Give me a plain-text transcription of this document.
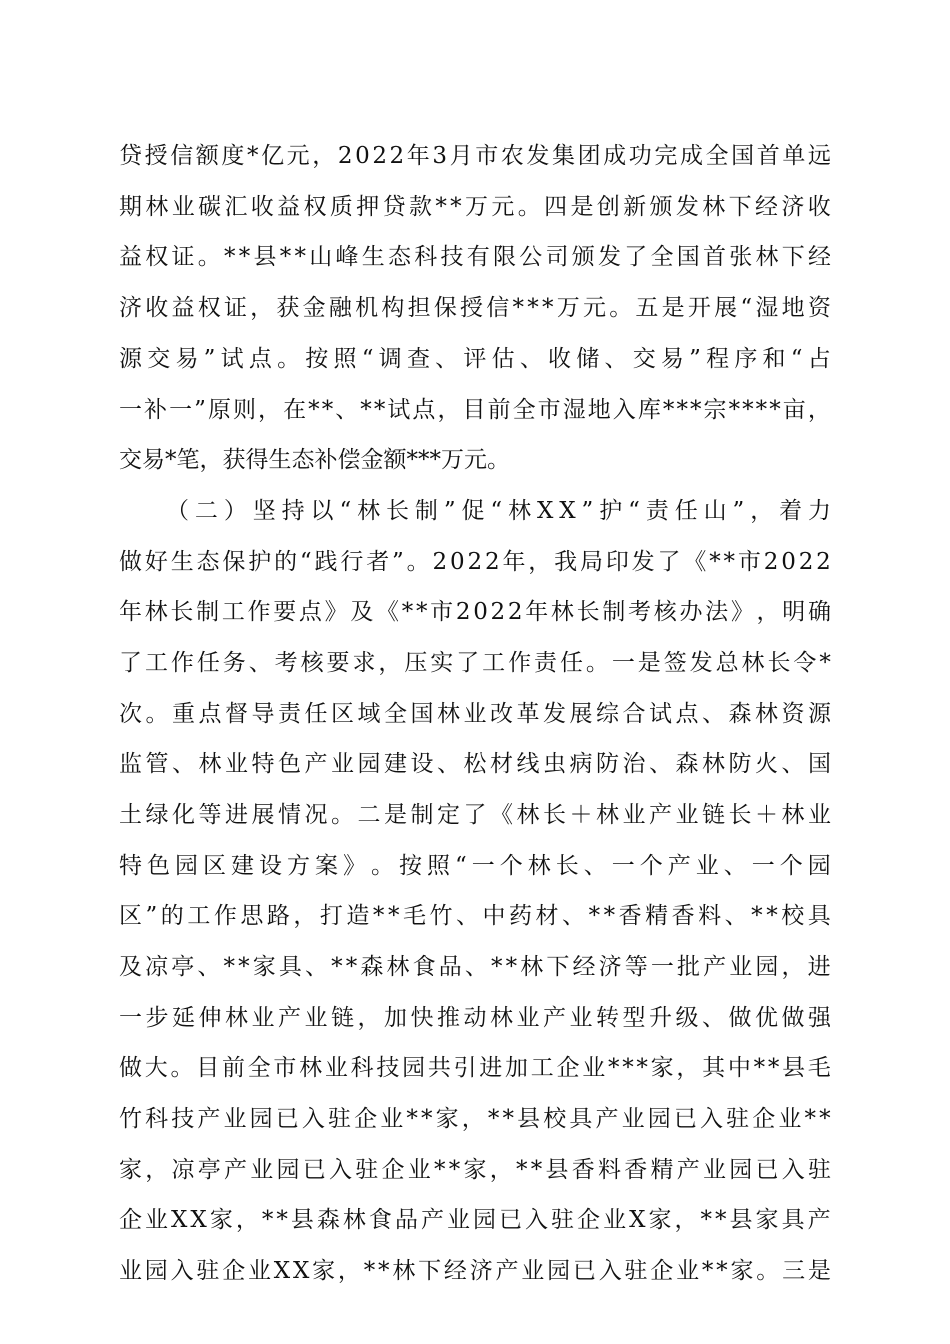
贷 授 信 额 度 * 亿 元 ， 2 0 2 2 年 3 月 市 农 发 集 团 成 功 完 成 全 国 首 单 远
期 林 业 碳 汇 收 益 权 质 押 贷 款 * * 万 元 。 四 是 创 新 颁 发 林 下 经 济 收
益 权 证 。 * * 县 * * 山 峰 生 态 科 技 有 限 公 司 颁 发 了 全 国 首 张 林 下 经
济 收 益 权 证 ， 获 金 融 机 构 担 保 授 信 * * * 万 元 。 五 是 开 展 “ 湿 地 资
源 交 易 ” 试 点 。 按 照 “ 调 查 、 评 估 、 收 储 、 交 易 ” 程 序 和 “ 占
一 补 一 ” 原 则 ， 在 * * 、 * * 试 点 ， 目 前 全 市 湿 地 入 库 * * * 宗 * * * * 亩 ，
交易*笔，获得生态补偿金额***万元。
（ 二 ） 坚 持 以 “ 林 长 制 ” 促 “ 林 X X ” 护 “ 责 任 山 ” ， 着 力
做 好 生 态 保 护 的 “ 践 行 者 ” 。 2 0 2 2 年 ， 我 局 印 发 了 《 * * 市 2 0 2 2
年 林 长 制 工 作 要 点 》 及 《 * * 市 2 0 2 2 年 林 长 制 考 核 办 法 》 ， 明 确
了 工 作 任 务 、 考 核 要 求 ， 压 实 了 工 作 责 任 。 一 是 签 发 总 林 长 令 *
次 。 重 点 督 导 责 任 区 域 全 国 林 业 改 革 发 展 综 合 试 点 、 森 林 资 源
监 管 、 林 业 特 色 产 业 园 建 设 、 松 材 线 虫 病 防 治 、 森 林 防 火 、 国
土 绿 化 等 进 展 情 况 。 二 是 制 定 了 《 林 长 ＋ 林 业 产 业 链 长 ＋ 林 业
特 色 园 区 建 设 方 案 》 。 按 照 “ 一 个 林 长 、 一 个 产 业 、 一 个 园
区 ” 的 工 作 思 路 ， 打 造 * * 毛 竹 、 中 药 材 、 * * 香 精 香 料 、 * * 校 具
及 凉 亭 、 * * 家 具 、 * * 森 林 食 品 、 * * 林 下 经 济 等 一 批 产 业 园 ， 进
一 步 延 伸 林 业 产 业 链 ， 加 快 推 动 林 业 产 业 转 型 升 级 、 做 优 做 强
做 大 。 目 前 全 市 林 业 科 技 园 共 引 进 加 工 企 业 * * * 家 ， 其 中 * * 县 毛
竹 科 技 产 业 园 已 入 驻 企 业 * * 家 ， * * 县 校 具 产 业 园 已 入 驻 企 业 * *
家 ， 凉 亭 产 业 园 已 入 驻 企 业 * * 家 ， * * 县 香 料 香 精 产 业 园 已 入 驻
企 业 X X 家 ， * * 县 森 林 食 品 产 业 园 已 入 驻 企 业 X 家 ， * * 县 家 具 产
业 园 入 驻 企 业 X X 家 ， * * 林 下 经 济 产 业 园 已 入 驻 企 业 * * 家 。 三 是
